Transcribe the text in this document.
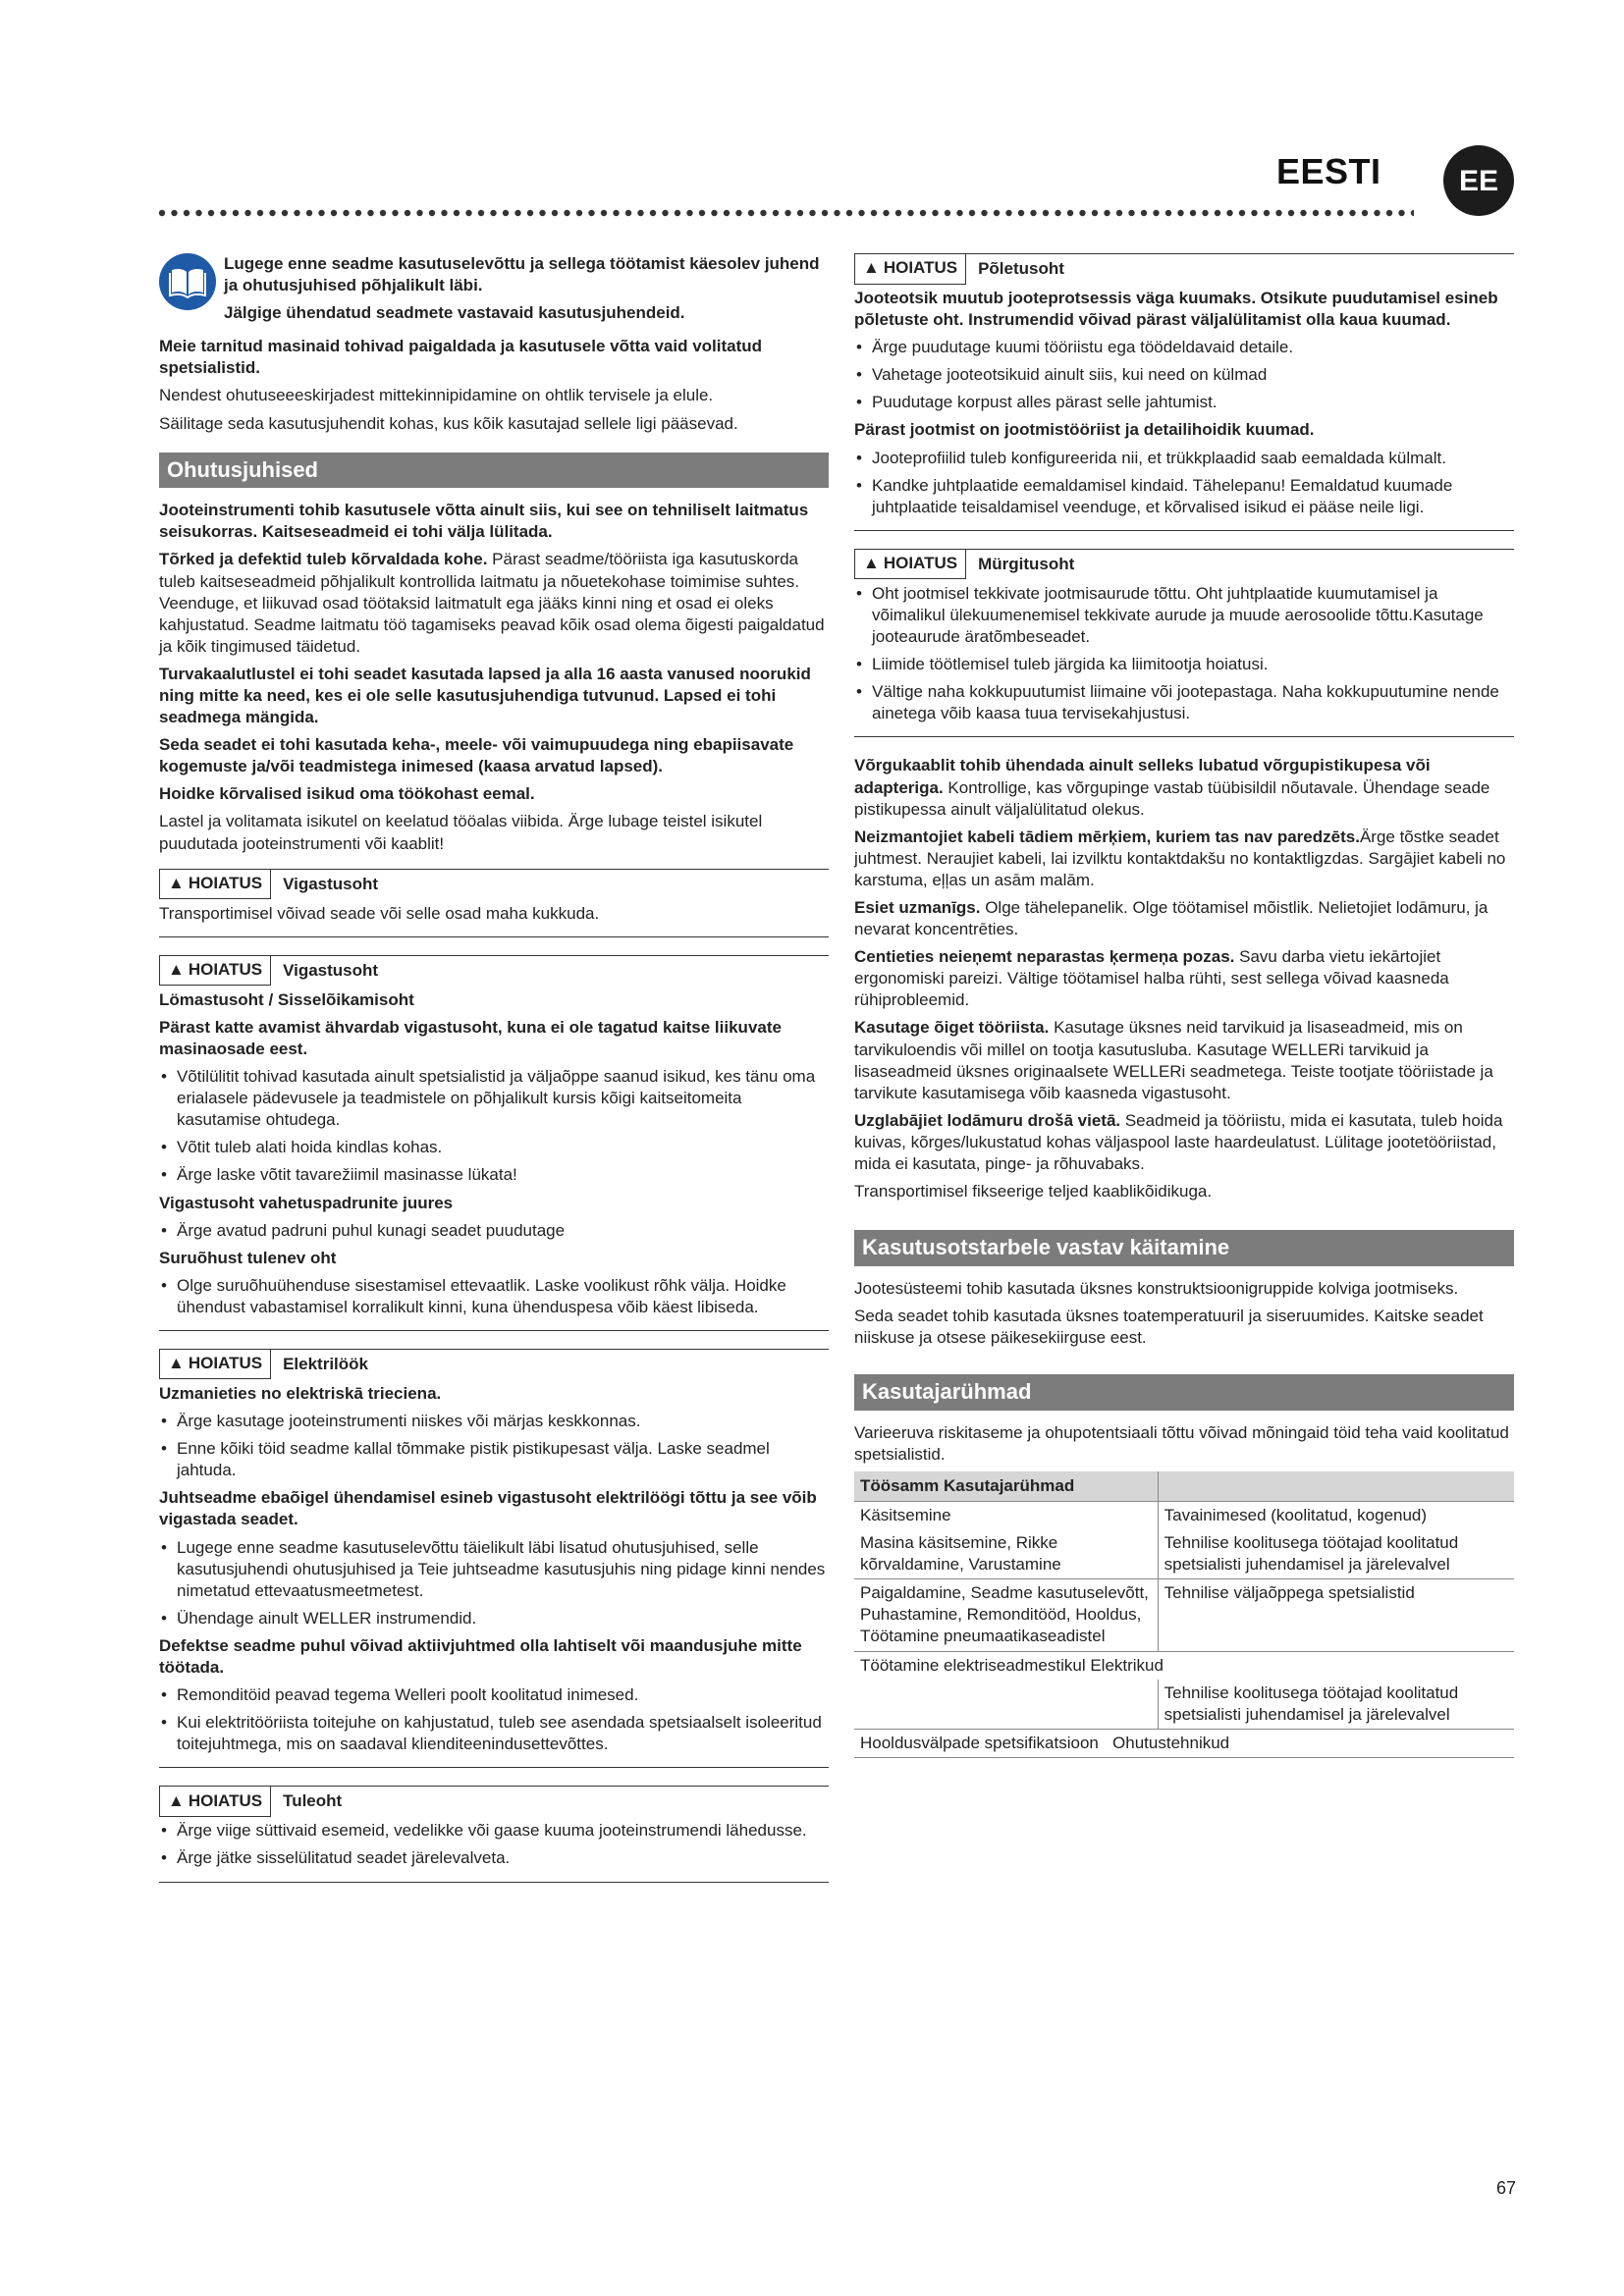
EESTI	EE

Lugege enne seadme kasutuselevõttu ja sellega töötamist käesolev juhend ja ohutusjuhised põhjalikult läbi.

Jälgige ühendatud seadmete vastavaid kasutusjuhendeid.

Meie tarnitud masinaid tohivad paigaldada ja kasutusele võtta vaid volitatud spetsialistid.

Nendest ohutuseeeskirjadest mittekinnipidamine on ohtlik tervisele ja elule.

Säilitage seda kasutusjuhendit kohas, kus kõik kasutajad sellele ligi pääsevad.

Ohutusjuhised

Jooteinstrumenti tohib kasutusele võtta ainult siis, kui see on tehniliselt laitmatus seisukorras. Kaitseseadmeid ei tohi välja lülitada.

Tõrked ja defektid tuleb kõrvaldada kohe. Pärast seadme/tööriista iga kasutuskorda tuleb kaitseseadmeid põhjalikult kontrollida laitmatu ja nõuetekohase toimimise suhtes. Veenduge, et liikuvad osad töötaksid laitmatult ega jääks kinni ning et osad ei oleks kahjustatud. Seadme laitmatu töö tagamiseks peavad kõik osad olema õigesti paigaldatud ja kõik tingimused täidetud.

Turvakaalutlustel ei tohi seadet kasutada lapsed ja alla 16 aasta vanused noorukid ning mitte ka need, kes ei ole selle kasutusjuhendiga tutvunud. Lapsed ei tohi seadmega mängida.

Seda seadet ei tohi kasutada keha-, meele- või vaimupuudega ning ebapiisavate kogemuste ja/või teadmistega inimesed (kaasa arvatud lapsed).

Hoidke kõrvalised isikud oma töökohast eemal.

Lastel ja volitamata isikutel on keelatud tööalas viibida. Ärge lubage teistel isikutel puudutada jooteinstrumenti või kaablit!

▲ HOIATUS	Vigastusoht

Transportimisel võivad seade või selle osad maha kukkuda.

▲ HOIATUS	Vigastusoht

Lömastusoht / Sisselõikamisoht

Pärast katte avamist ähvardab vigastusoht, kuna ei ole tagatud kaitse liikuvate masinaosade eest.

• Võtilülitit tohivad kasutada ainult spetsialistid ja väljaõppe saanud isikud, kes tänu oma erialasele pädevusele ja teadmistele on põhjalikult kursis kõigi kaitseitomeita kasutamise ohtudega.
• Võtit tuleb alati hoida kindlas kohas.
• Ärge laske võtit tavarežiimil masinasse lükata!

Vigastusoht vahetuspadrunite juures

• Ärge avatud padruni puhul kunagi seadet puudutage

Suruõhust tulenev oht

• Olge suruõhuühenduse sisestamisel ettevaatlik. Laske voolikust rõhk välja. Hoidke ühendust vabastamisel korralikult kinni, kuna ühenduspesa võib käest libiseda.
▲ HOIATUS	Elektrilöök

Uzmanieties no elektriskā trieciena.

• Ärge kasutage jooteinstrumenti niiskes või märjas keskkonnas.
• Enne kõiki töid seadme kallal tõmmake pistik pistikupesast välja. Laske seadmel jahtuda.

Juhtseadme ebaõigel ühendamisel esineb vigastusoht elektrilöögi tõttu ja see võib vigastada seadet.

• Lugege enne seadme kasutuselevõttu täielikult läbi lisatud ohutusjuhised, selle kasutusjuhendi ohutusjuhised ja Teie juhtseadme kasutusjuhis ning pidage kinni nendes nimetatud ettevaatusmeetmetest.
• Ühendage ainult WELLER instrumendid.

Defektse seadme puhul võivad aktiivjuhtmed olla lahtiselt või maandusjuhe mitte töötada.

• Remonditöid peavad tegema Welleri poolt koolitatud inimesed.
• Kui elektritööriista toitejuhe on kahjustatud, tuleb see asendada spetsiaalselt isoleeritud toitejuhtmega, mis on saadaval klienditeenindusettevõttes.
▲ HOIATUS	Tuleoht
• Ärge viige süttivaid esemeid, vedelikke või gaase kuuma jooteinstrumendi lähedusse.
• Ärge jätke sisselülitatud seadet järelevalveta.
▲ HOIATUS	Põletusoht

Jooteotsik muutub jooteprotsessis väga kuumaks. Otsikute puudutamisel esineb põletuste oht. Instrumendid võivad pärast väljalülitamist olla kaua kuumad.

• Ärge puudutage kuumi tööriistu ega töödeldavaid detaile.
• Vahetage jooteotsikuid ainult siis, kui need on külmad
• Puudutage korpust alles pärast selle jahtumist.

Pärast jootmist on jootmistööriist ja detailihoidik kuumad.

• Jooteprofiilid tuleb konfigureerida nii, et trükkplaadid saab eemaldada külmalt.
• Kandke juhtplaatide eemaldamisel kindaid. Tähelepanu! Eemaldatud kuumade juhtplaatide teisaldamisel veenduge, et kõrvalised isikud ei pääse neile ligi.
▲ HOIATUS	Mürgitusoht
• Oht jootmisel tekkivate jootmisaurude tõttu. Oht juhtplaatide kuumutamisel ja võimalikul ülekuumenemisel tekkivate aurude ja muude aerosoolide tõttu.Kasutage jooteaurude äratõmbeseadet.
• Liimide töötlemisel tuleb järgida ka liimitootja hoiatusi.
• Vältige naha kokkupuutumist liimaine või jootepastaga. Naha kokkupuutumine nende ainetega võib kaasa tuua tervisekahjustusi.

Võrgukaablit tohib ühendada ainult selleks lubatud võrgupistikupesa või adapteriga. Kontrollige, kas võrgupinge vastab tüübisildil nõutavale. Ühendage seade pistikupessa ainult väljalülitatud olekus.

Neizmantojiet kabeli tādiem mērķiem, kuriem tas nav paredzēts.Ärge tõstke seadet juhtmest. Neraujiet kabeli, lai izvilktu kontaktdakšu no kontaktligzdas. Sargājiet kabeli no karstuma, eļļas un asām malām.

Esiet uzmanīgs. Olge tähelepanelik. Olge töötamisel mõistlik. Nelietojiet lodāmuru, ja nevarat koncentrēties.

Centieties neieņemt neparastas ķermeņa pozas. Savu darba vietu iekārtojiet ergonomiski pareizi. Vältige töötamisel halba rühti, sest sellega võivad kaasneda rühiprobleemid.

Kasutage õiget tööriista. Kasutage üksnes neid tarvikuid ja lisaseadmeid, mis on tarvikuloendis või millel on tootja kasutusluba. Kasutage WELLERi tarvikuid ja lisaseadmeid üksnes originaalsete WELLERi seadmetega. Teiste tootjate tööriistade ja tarvikute kasutamisega võib kaasneda vigastusoht.

Uzglabājiet lodāmuru drošā vietā. Seadmeid ja tööriistu, mida ei kasutata, tuleb hoida kuivas, kõrges/lukustatud kohas väljaspool laste haardeulatust. Lülitage jootetööriistad, mida ei kasutata, pinge- ja rõhuvabaks.

Transportimisel fikseerige teljed kaablikõidikuga.

Kasutusotstarbele vastav käitamine

Jootesüsteemi tohib kasutada üksnes konstruktsioonigruppide kolviga jootmiseks.

Seda seadet tohib kasutada üksnes toatemperatuuril ja siseruumides. Kaitske seadet niiskuse ja otsese päikesekiirguse eest.

Kasutajarühmad

Varieeruva riskitaseme ja ohupotentsiaali tõttu võivad mõningaid töid teha vaid koolitatud spetsialistid.

Töösamm Kasutajarühmad	
Käsitsemine	Tavainimesed (koolitatud, kogenud)
Masina käsitsemine, Rikke kõrvaldamine, Varustamine	Tehnilise koolitusega töötajad koolitatud spetsialisti juhendamisel ja järelevalvel
Paigaldamine, Seadme kasutuselevõtt, Puhastamine, Remonditööd, Hooldus, Töötamine pneumaatikaseadistel	Tehnilise väljaõppega spetsialistid
Töötamine elektriseadmestikul Elektrikud	
	Tehnilise koolitusega töötajad koolitatud spetsialisti juhendamisel ja järelevalvel
Hooldusvälpade spetsifikatsioon   Ohutustehnikud	
67
